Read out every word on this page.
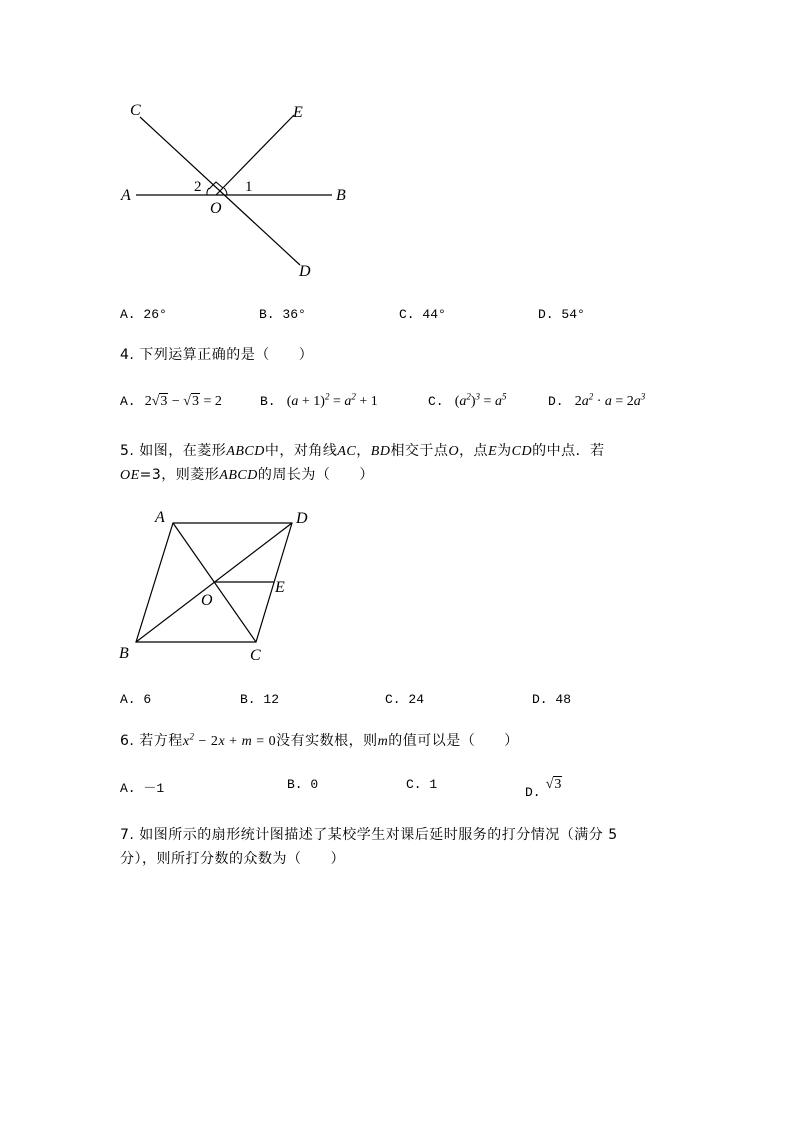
C	E
A	B
O
D
2	1
A. 26°	B. 36°	C. 44°	D. 54°
4. 下列运算正确的是（　　）
A. 2√3 − √3 = 2	B. $(a + 1)^2 = a^2 + 1$	C. $(a^2)^3 = a^5$	D. $2a^2 \cdot a = 2a^3$
5. 如图，在菱形ABCD中，对角线AC，BD相交于点O，点E为CD的中点．若
OE=3，则菱形ABCD的周长为（　　）
A	D
O
E
B	C
A. 6	B. 12	C. 24	D. 48
6. 若方程$x^2 - 2x + m = 0$没有实数根，则m的值可以是（　　）
A. －1	B. 0	C. 1
$_{D.}$ √3
7. 如图所示的扇形统计图描述了某校学生对课后延时服务的打分情况（满分 5
分），则所打分数的众数为（　　）
